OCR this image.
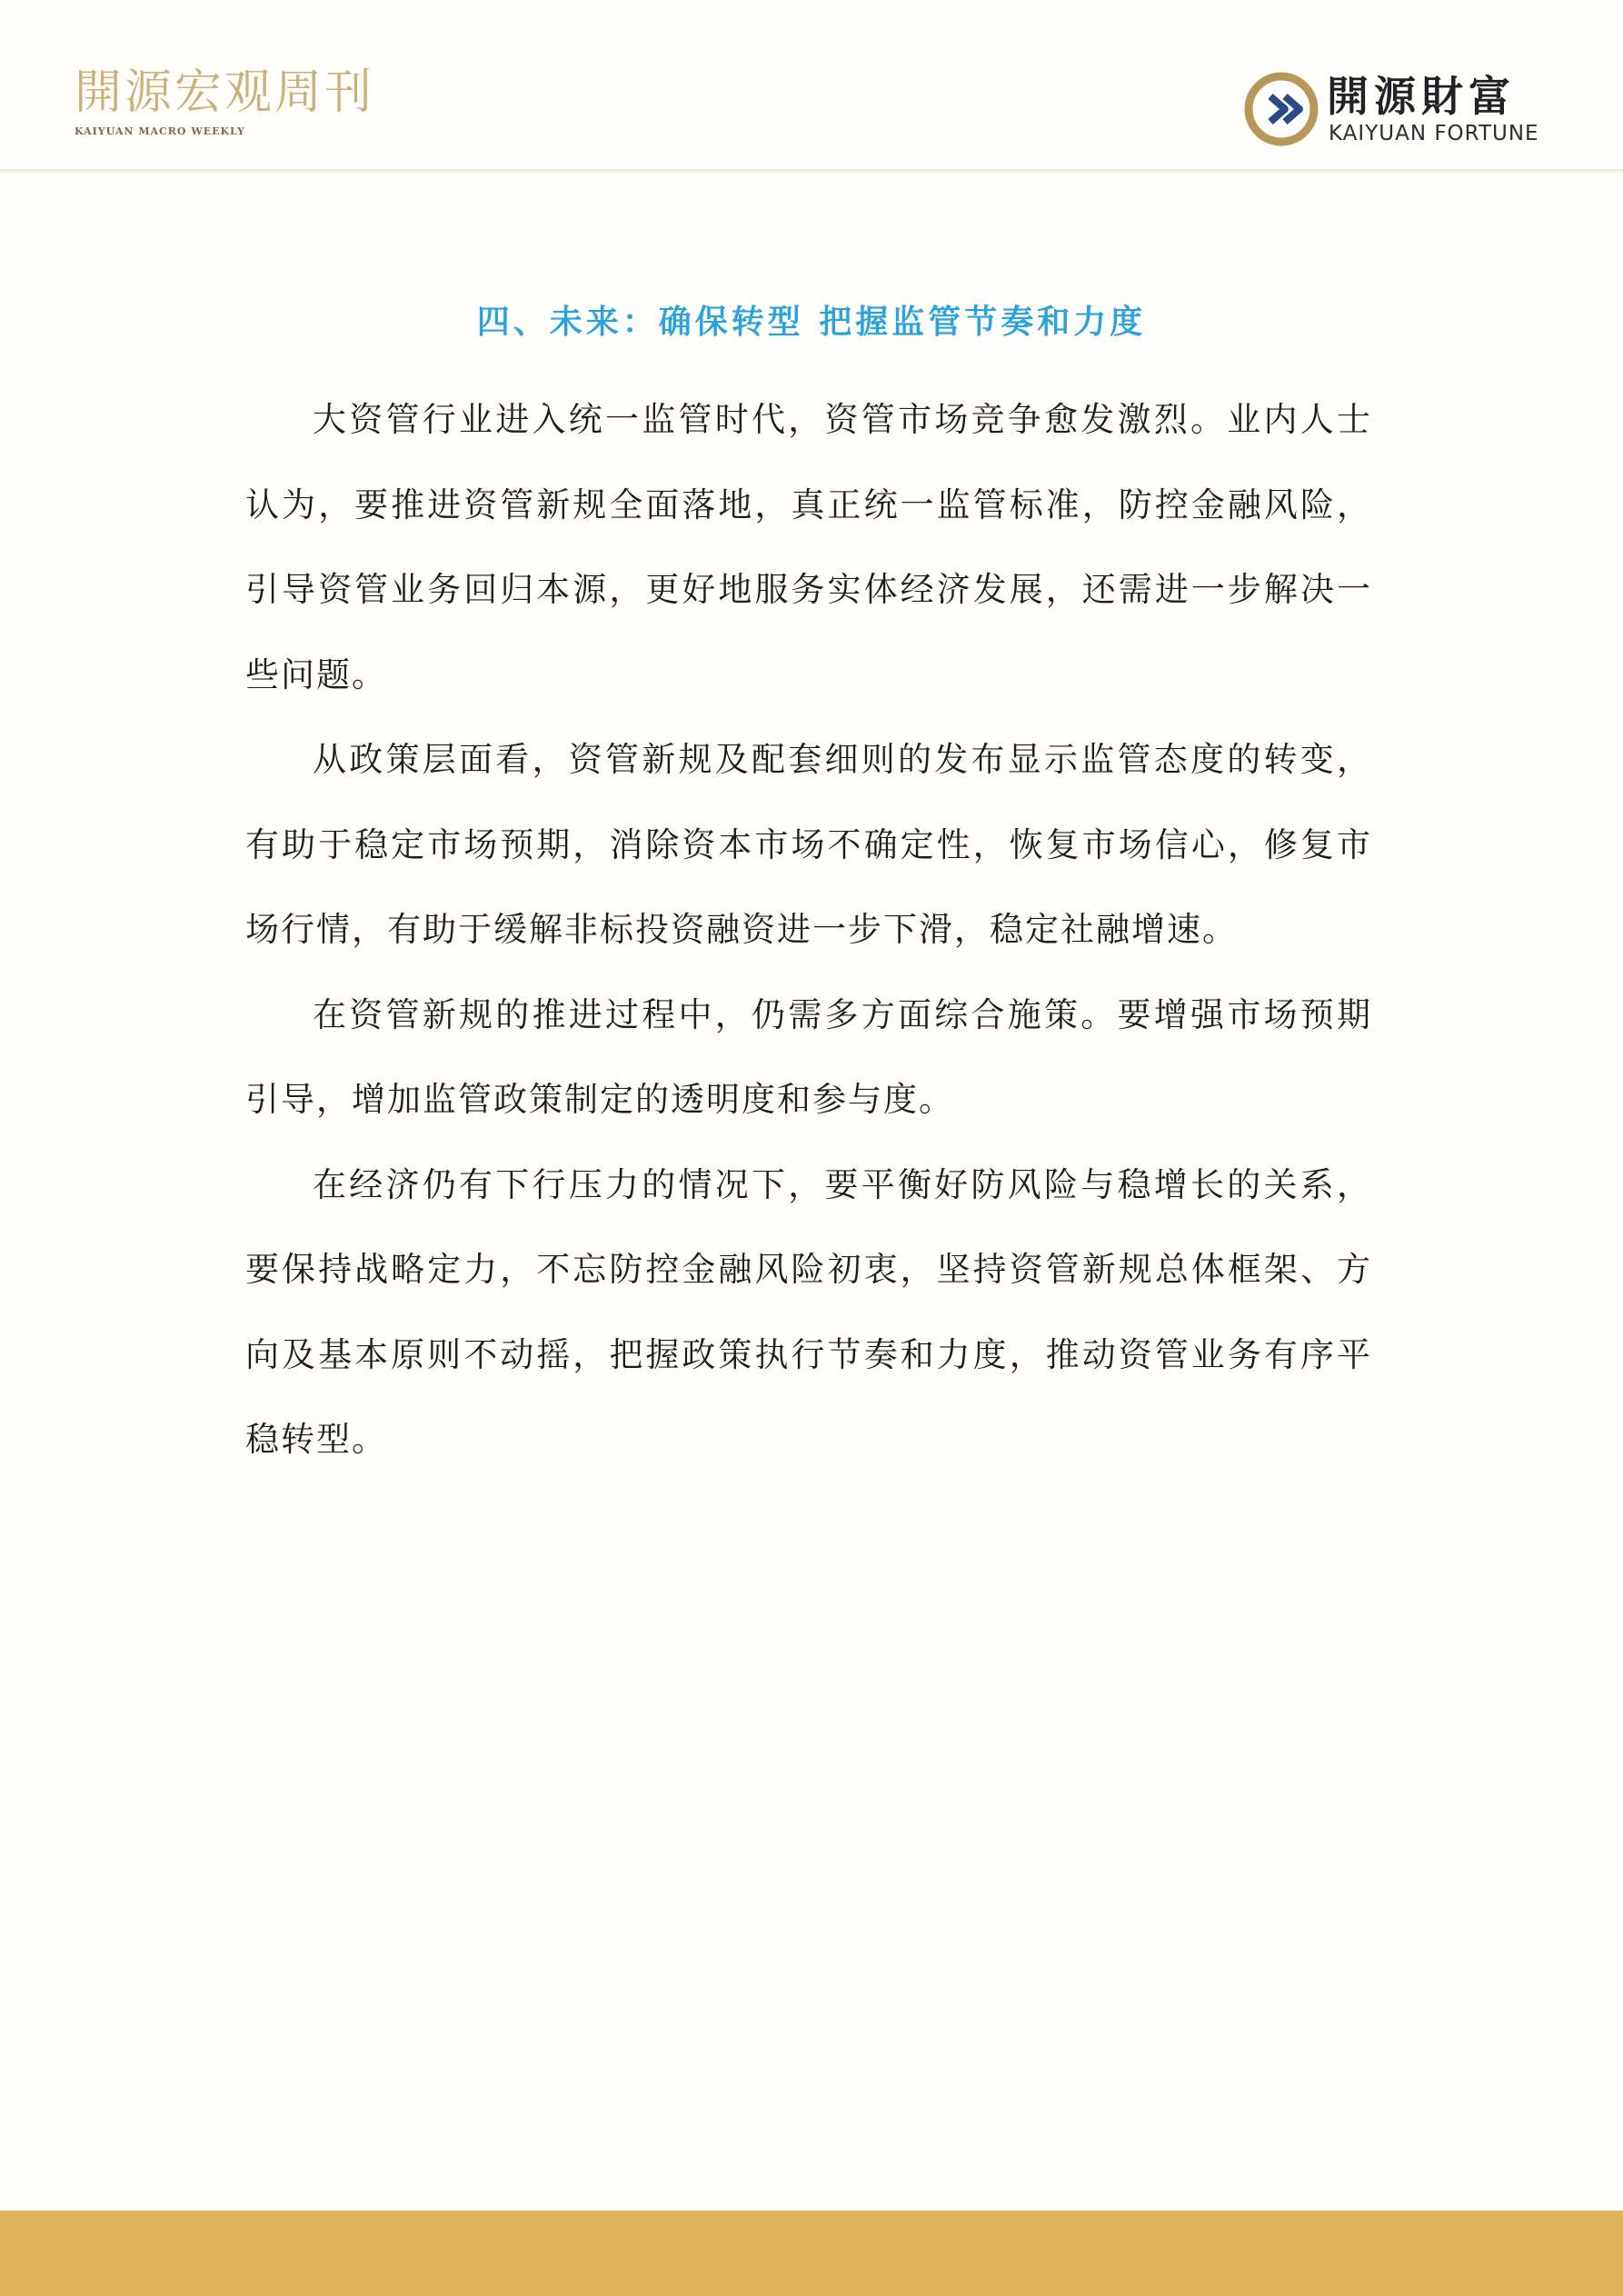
開源宏观周刊
KAIYUAN MACRO WEEKLY
開源財富
KAIYUAN FORTUNE
四、未来：确保转型 把握监管节奏和力度

大资管行业进入统一监管时代，资管市场竞争愈发激烈。业内人士认为，要推进资管新规全面落地，真正统一监管标准，防控金融风险，引导资管业务回归本源，更好地服务实体经济发展，还需进一步解决一些问题。

从政策层面看，资管新规及配套细则的发布显示监管态度的转变，有助于稳定市场预期，消除资本市场不确定性，恢复市场信心，修复市场行情，有助于缓解非标投资融资进一步下滑，稳定社融增速。

在资管新规的推进过程中，仍需多方面综合施策。要增强市场预期引导，增加监管政策制定的透明度和参与度。

在经济仍有下行压力的情况下，要平衡好防风险与稳增长的关系，要保持战略定力，不忘防控金融风险初衷，坚持资管新规总体框架、方向及基本原则不动摇，把握政策执行节奏和力度，推动资管业务有序平稳转型。
